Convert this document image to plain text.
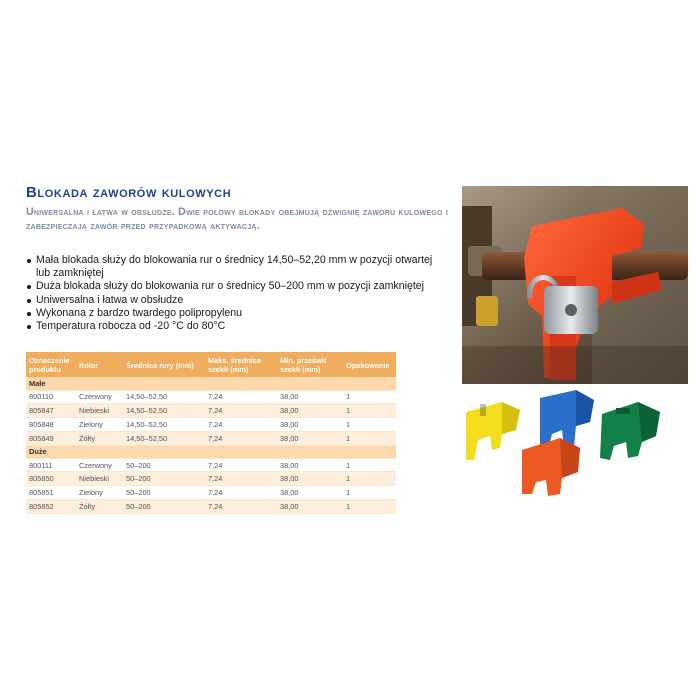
Blokada zaworów kulowych
Uniwersalna i łatwa w obsłudze. Dwie połowy blokady obejmują dźwignię zaworu kulowego i zabezpieczają zawór przed przypadkową aktywacją.
Mała blokada służy do blokowania rur o średnicy 14,50–52,20 mm w pozycji otwartej lub zamkniętej
Duża blokada służy do blokowania rur o średnicy 50–200 mm w pozycji zamkniętej
Uniwersalna i łatwa w obsłudze
Wykonana z bardzo twardego polipropylenu
Temperatura robocza od -20 °C do 80°C
Oznaczenie produktu	Kolor	Średnica rury (mm)	Maks. średnica szekli (mm)	Min. prześwit szekli (mm)	Opakowanie
Małe					
800110	Czerwony	14,50–52,50	7,24	38,00	1
805847	Niebieski	14,50–52,50	7,24	38,00	1
805848	Zielony	14,50–52,50	7,24	38,00	1
805849	Żółty	14,50–52,50	7,24	38,00	1
Duże					
800111	Czerwony	50–200	7,24	38,00	1
805850	Niebieski	50–200	7,24	38,00	1
805851	Zielony	50–200	7,24	38,00	1
805852	Żółty	50–200	7,24	38,00	1
